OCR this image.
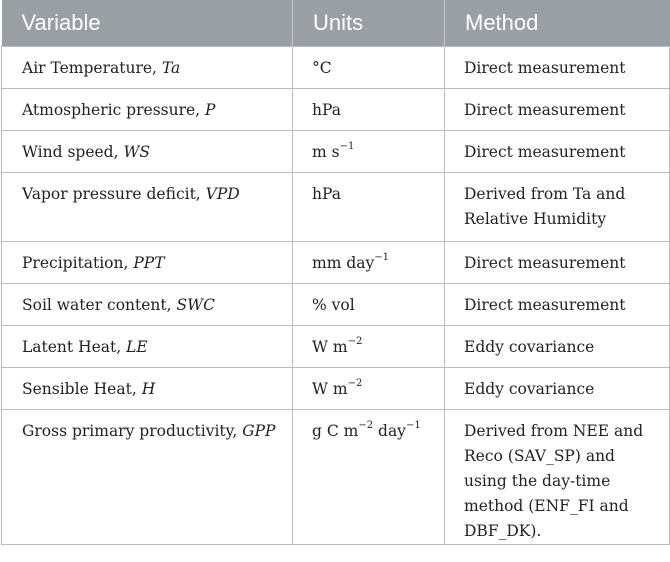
Variable	Units	Method
Air Temperature, Ta	°C	Direct measurement
Atmospheric pressure, P	hPa	Direct measurement
Wind speed, WS	m $s^{-1}$	Direct measurement
Vapor pressure deficit, VPD	hPa	Derived from Ta and
Relative Humidity
Precipitation, PPT	mm day$^{-1}$	Direct measurement
Soil water content, SWC	% vol	Direct measurement
Latent Heat, LE	W $m^{-2}$	Eddy covariance
Sensible Heat, H	W $m^{-2}$	Eddy covariance
Gross primary productivity, GPP	g C $m^{-2}$ day$^{-1}$	Derived from NEE and
Reco (SAV_SP) and
using the day-time
method (ENF_FI and
DBF_DK).
